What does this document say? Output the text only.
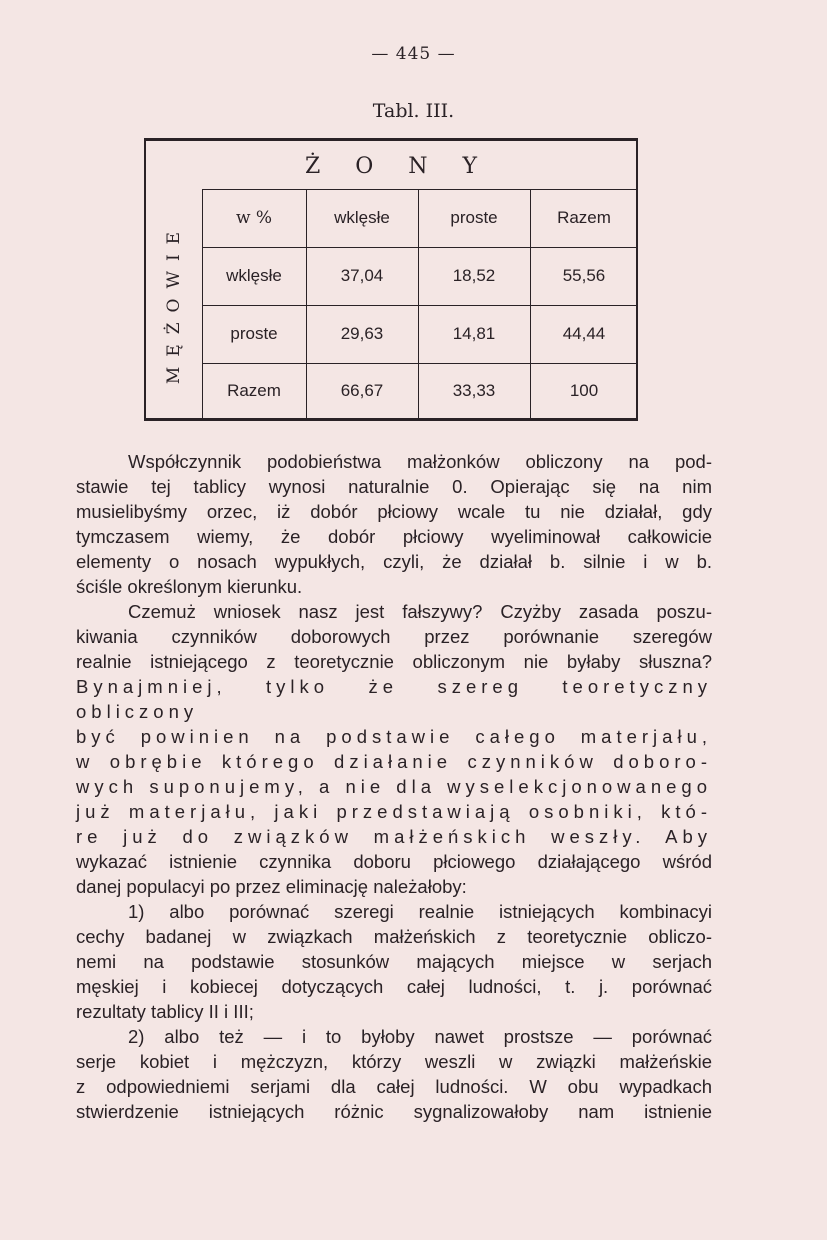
— 445 —
Tabl. III.
Ż O N Y
MĘŻOWIE
w %	wklęsłe	proste	Razem
wklęsłe	37,04	18,52	55,56
proste	29,63	14,81	44,44
Razem	66,67	33,33	100

Współczynnik podobieństwa małżonków obliczony na pod-

stawie tej tablicy wynosi naturalnie 0. Opierając się na nim

musielibyśmy orzec, iż dobór płciowy wcale tu nie działał, gdy

tymczasem wiemy, że dobór płciowy wyeliminował całkowicie

elementy o nosach wypukłych, czyli, że działał b. silnie i w b.

ściśle określonym kierunku.

Czemuż wniosek nasz jest fałszywy? Czyżby zasada poszu-

kiwania czynników doborowych przez porównanie szeregów

realnie istniejącego z teoretycznie obliczonym nie byłaby słuszna?

Bynajmniej, tylko że szereg teoretyczny obliczony

być powinien na podstawie całego materjału,

w obrębie którego działanie czynników doboro-

wych suponujemy, a nie dla wyselekcjonowanego

już materjału, jaki przedstawiają osobniki, któ-

re już do związków małżeńskich weszły. Aby

wykazać istnienie czynnika doboru płciowego działającego wśród

danej populacyi po przez eliminację należałoby:

1) albo porównać szeregi realnie istniejących kombinacyi

cechy badanej w związkach małżeńskich z teoretycznie obliczo-

nemi na podstawie stosunków mających miejsce w serjach

męskiej i kobiecej dotyczących całej ludności, t. j. porównać

rezultaty tablicy II i III;

2) albo też — i to byłoby nawet prostsze — porównać

serje kobiet i mężczyzn, którzy weszli w związki małżeńskie

z odpowiedniemi serjami dla całej ludności. W obu wypadkach

stwierdzenie istniejących różnic sygnalizowałoby nam istnienie
